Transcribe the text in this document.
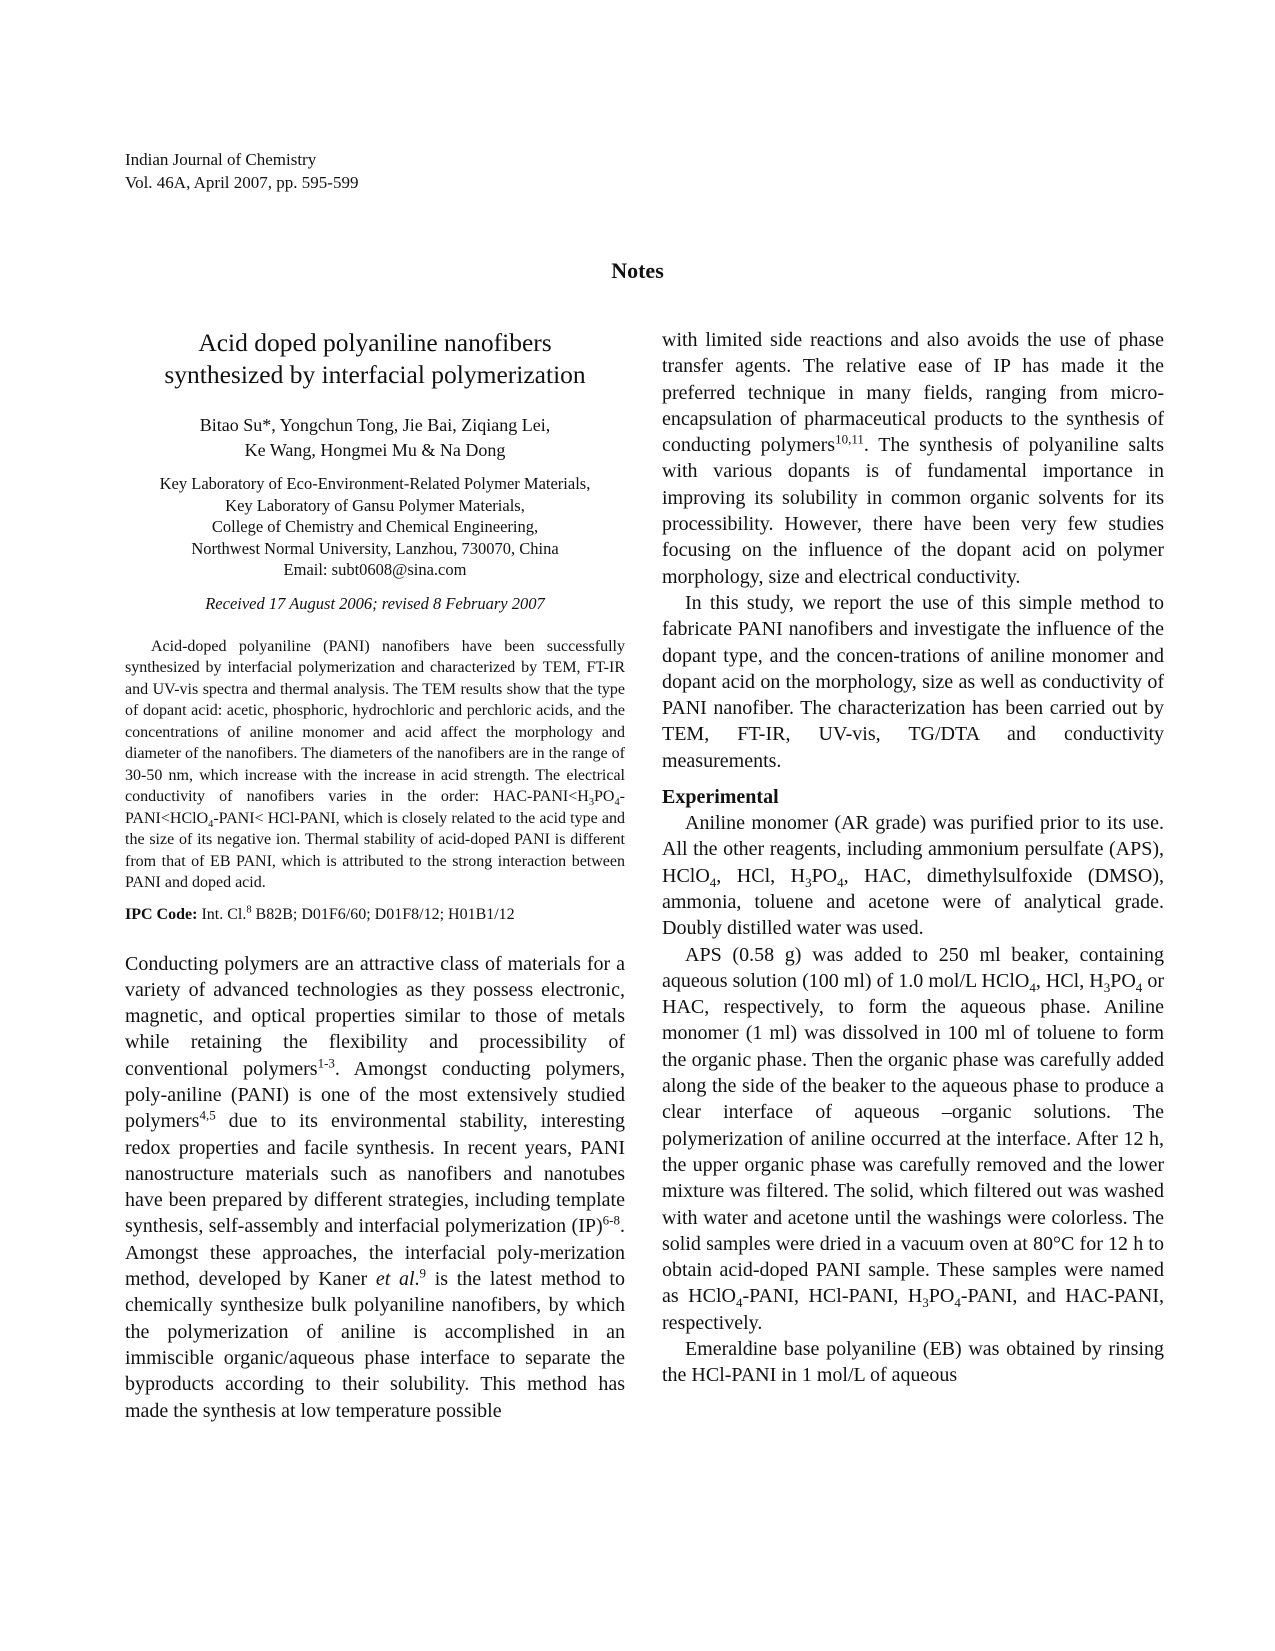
Indian Journal of Chemistry
Vol. 46A, April 2007, pp. 595-599
Notes
Acid doped polyaniline nanofibers
synthesized by interfacial polymerization
Bitao Su*, Yongchun Tong, Jie Bai, Ziqiang Lei,
Ke Wang, Hongmei Mu & Na Dong
Key Laboratory of Eco-Environment-Related Polymer Materials,
Key Laboratory of Gansu Polymer Materials,
College of Chemistry and Chemical Engineering,
Northwest Normal University, Lanzhou, 730070, China
Email: subt0608@sina.com
Received 17 August 2006; revised 8 February 2007

Acid-doped polyaniline (PANI) nanofibers have been successfully synthesized by interfacial polymerization and characterized by TEM, FT-IR and UV-vis spectra and thermal analysis. The TEM results show that the type of dopant acid: acetic, phosphoric, hydrochloric and perchloric acids, and the concentrations of aniline monomer and acid affect the morphology and diameter of the nanofibers. The diameters of the nanofibers are in the range of 30-50 nm, which increase with the increase in acid strength. The electrical conductivity of nanofibers varies in the order: HAC-$PANI<H_3PO_4-PANI<HClO_4-PANI<$ HCl-PANI, which is closely related to the acid type and the size of its negative ion. Thermal stability of acid-doped PANI is different from that of EB PANI, which is attributed to the strong interaction between PANI and doped acid.

IPC Code: Int. Cl.$^8$ B82B; D01F6/60; D01F8/12; H01B1/12

Conducting polymers are an attractive class of materials for a variety of advanced technologies as they possess electronic, magnetic, and optical properties similar to those of metals while retaining the flexibility and processibility of conventional polymers$^{1-3}$. Amongst conducting polymers, poly-aniline (PANI) is one of the most extensively studied polymers$^{4,5}$ due to its environmental stability, interesting redox properties and facile synthesis. In recent years, PANI nanostructure materials such as nanofibers and nanotubes have been prepared by different strategies, including template synthesis, self-assembly and interfacial polymerization (IP)$^{6-8}$. Amongst these approaches, the interfacial poly-merization method, developed by Kaner et al.$^9$ is the latest method to chemically synthesize bulk polyaniline nanofibers, by which the polymerization of aniline is accomplished in an immiscible organic/aqueous phase interface to separate the byproducts according to their solubility. This method has made the synthesis at low temperature possible

with limited side reactions and also avoids the use of phase transfer agents. The relative ease of IP has made it the preferred technique in many fields, ranging from micro-encapsulation of pharmaceutical products to the synthesis of conducting polymers$^{10,11}$. The synthesis of polyaniline salts with various dopants is of fundamental importance in improving its solubility in common organic solvents for its processibility. However, there have been very few studies focusing on the influence of the dopant acid on polymer morphology, size and electrical conductivity.

In this study, we report the use of this simple method to fabricate PANI nanofibers and investigate the influence of the dopant type, and the concen-trations of aniline monomer and dopant acid on the morphology, size as well as conductivity of PANI nanofiber. The characterization has been carried out by TEM, FT-IR, UV-vis, TG/DTA and conductivity measurements.

Experimental

Aniline monomer (AR grade) was purified prior to its use. All the other reagents, including ammonium persulfate (APS), HClO$_4$, HCl, $H_3PO_4$, HAC, dimethylsulfoxide (DMSO), ammonia, toluene and acetone were of analytical grade. Doubly distilled water was used.

APS (0.58 g) was added to 250 ml beaker, containing aqueous solution (100 ml) of 1.0 mol/L HClO$_4$, HCl, $H_3PO_4$ or HAC, respectively, to form the aqueous phase. Aniline monomer (1 ml) was dissolved in 100 ml of toluene to form the organic phase. Then the organic phase was carefully added along the side of the beaker to the aqueous phase to produce a clear interface of aqueous –organic solutions. The polymerization of aniline occurred at the interface. After 12 h, the upper organic phase was carefully removed and the lower mixture was filtered. The solid, which filtered out was washed with water and acetone until the washings were colorless. The solid samples were dried in a vacuum oven at 80°C for 12 h to obtain acid-doped PANI sample. These samples were named as HClO$_4$-PANI, HCl-PANI, $H_3PO_4$-PANI, and HAC-PANI, respectively.

Emeraldine base polyaniline (EB) was obtained by rinsing the HCl-PANI in 1 mol/L of aqueous
